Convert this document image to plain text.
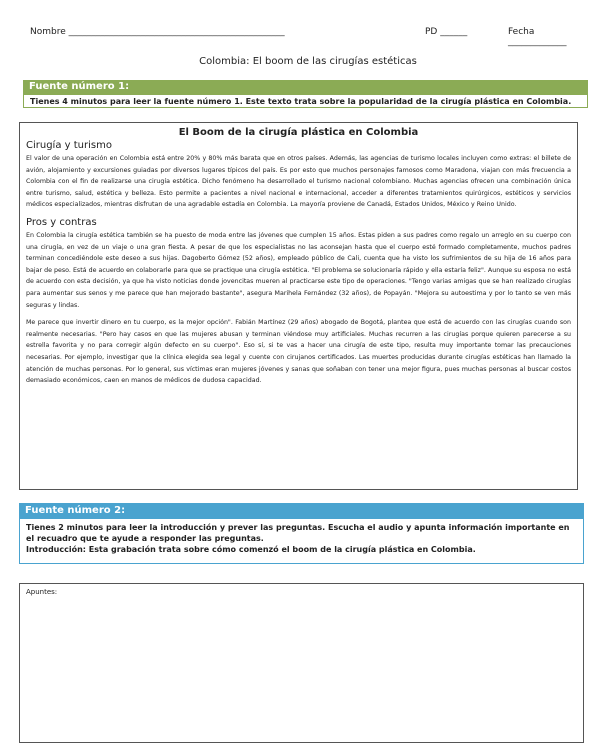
Nombre ________________________________________________	PD ______	Fecha _____________
Colombia: El boom de las cirugías estéticas
Fuente número 1:
Tienes 4 minutos para leer la fuente número 1. Este texto trata sobre la popularidad de la cirugía plástica en Colombia.
El Boom de la cirugía plástica en Colombia
Cirugía y turismo

El valor de una operación en Colombia está entre 20% y 80% más barata que en otros países. Además, las agencias de turismo locales incluyen como extras: el billete de avión, alojamiento y excursiones guiadas por diversos lugares típicos del país. Es por esto que muchos personajes famosos como Maradona, viajan con más frecuencia a Colombia con el fin de realizarse una cirugía estética. Dicho fenómeno ha desarrollado el turismo nacional colombiano. Muchas agencias ofrecen una combinación única entre turismo, salud, estética y belleza. Esto permite a pacientes a nivel nacional e internacional, acceder a diferentes tratamientos quirúrgicos, estéticos y servicios médicos especializados, mientras disfrutan de una agradable estadía en Colombia. La mayoría proviene de Canadá, Estados Unidos, México y Reino Unido.

Pros y contras

En Colombia la cirugía estética también se ha puesto de moda entre las jóvenes que cumplen 15 años. Estas piden a sus padres como regalo un arreglo en su cuerpo con una cirugía, en vez de un viaje o una gran fiesta. A pesar de que los especialistas no las aconsejan hasta que el cuerpo esté formado completamente, muchos padres terminan concediéndole este deseo a sus hijas. Dagoberto Gómez (52 años), empleado público de Cali, cuenta que ha visto los sufrimientos de su hija de 16 años para bajar de peso. Está de acuerdo en colaborarle para que se practique una cirugía estética. "El problema se solucionaría rápido y ella estaría feliz". Aunque su esposa no está de acuerdo con esta decisión, ya que ha visto noticias donde jovencitas mueren al practicarse este tipo de operaciones. "Tengo varias amigas que se han realizado cirugías para aumentar sus senos y me parece que han mejorado bastante", asegura Marihela Fernández (32 años), de Popayán. "Mejora su autoestima y por lo tanto se ven más seguras y lindas.

Me parece que invertir dinero en tu cuerpo, es la mejor opción". Fabián Martínez (29 años) abogado de Bogotá, plantea que está de acuerdo con las cirugías cuando son realmente necesarias. "Pero hay casos en que las mujeres abusan y terminan viéndose muy artificiales. Muchas recurren a las cirugías porque quieren parecerse a su estrella favorita y no para corregir algún defecto en su cuerpo". Eso sí, si te vas a hacer una cirugía de este tipo, resulta muy importante tomar las precauciones necesarias. Por ejemplo, investigar que la clínica elegida sea legal y cuente con cirujanos certificados. Las muertes producidas durante cirugías estéticas han llamado la atención de muchas personas. Por lo general, sus víctimas eran mujeres jóvenes y sanas que soñaban con tener una mejor figura, pues muchas personas al buscar costos demasiado económicos, caen en manos de médicos de dudosa capacidad.

Fuente número 2:

Tienes 2 minutos para leer la introducción y prever las preguntas. Escucha el audio y apunta información importante en el recuadro que te ayude a responder las preguntas.

Introducción: Esta grabación trata sobre cómo comenzó el boom de la cirugía plástica en Colombia.

Apuntes:
